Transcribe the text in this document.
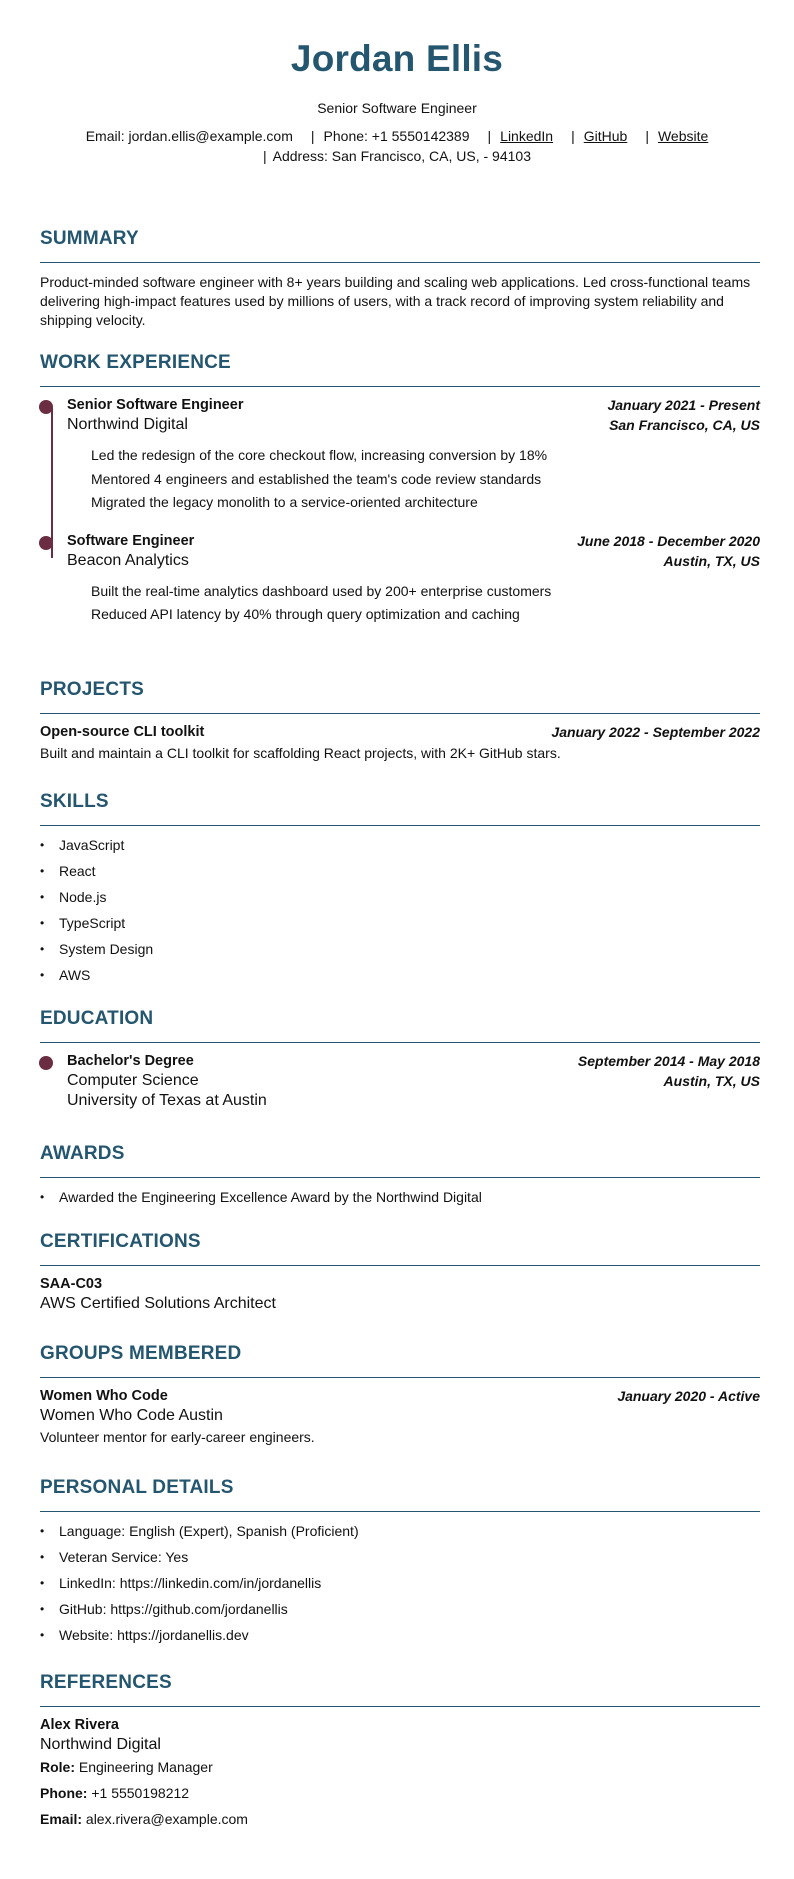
Jordan Ellis
Senior Software Engineer
Email: jordan.ellis@example.com | Phone: +1 5550142389 | LinkedIn | GitHub | Website
| Address: San Francisco, CA, US, - 94103
SUMMARY
Product-minded software engineer with 8+ years building and scaling web applications. Led cross-functional teams delivering high-impact features used by millions of users, with a track record of improving system reliability and shipping velocity.
WORK EXPERIENCE
Senior Software Engineer
Northwind Digital
January 2021 - Present
San Francisco, CA, US
Led the redesign of the core checkout flow, increasing conversion by 18%
Mentored 4 engineers and established the team's code review standards
Migrated the legacy monolith to a service-oriented architecture
Software Engineer
Beacon Analytics
June 2018 - December 2020
Austin, TX, US
Built the real-time analytics dashboard used by 200+ enterprise customers
Reduced API latency by 40% through query optimization and caching
PROJECTS
Open-source CLI toolkit	January 2022 - September 2022
Built and maintain a CLI toolkit for scaffolding React projects, with 2K+ GitHub stars.
SKILLS
• JavaScript
• React
• Node.js
• TypeScript
• System Design
• AWS
EDUCATION
Bachelor's Degree
Computer Science
University of Texas at Austin
September 2014 - May 2018
Austin, TX, US
AWARDS
• Awarded the Engineering Excellence Award by the Northwind Digital
CERTIFICATIONS
SAA-C03
AWS Certified Solutions Architect
GROUPS MEMBERED
Women Who Code
Women Who Code Austin
January 2020 - Active
Volunteer mentor for early-career engineers.
PERSONAL DETAILS
• Language: English (Expert), Spanish (Proficient)
• Veteran Service: Yes
• LinkedIn: https://linkedin.com/in/jordanellis
• GitHub: https://github.com/jordanellis
• Website: https://jordanellis.dev
REFERENCES
Alex Rivera
Northwind Digital
Role: Engineering Manager
Phone: +1 5550198212
Email: alex.rivera@example.com
